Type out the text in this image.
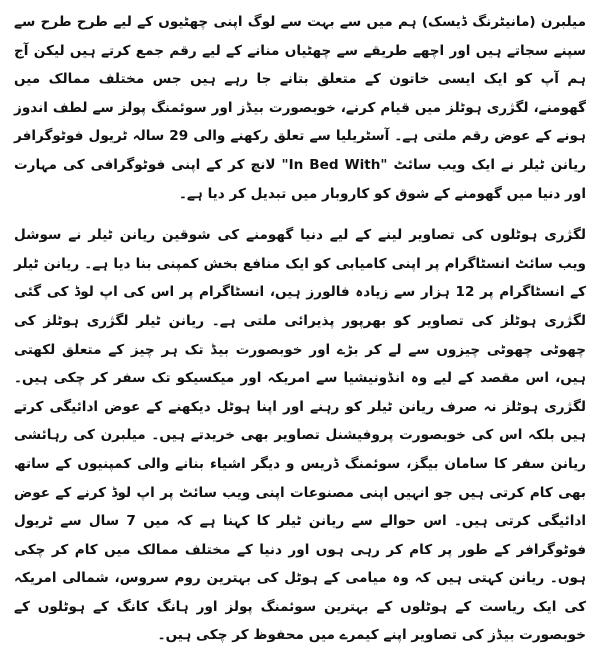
میلبرن (مانیٹرنگ ڈیسک) ہم میں سے بہت سے لوگ اپنی چھٹیوں کے لیے طرح طرح سے سپنے سجاتے ہیں اور اچھے طریقے سے چھٹیاں منانے کے لیے رقم جمع کرتے ہیں لیکن آج ہم آپ کو ایک ایسی خاتون کے متعلق بتانے جا رہے ہیں جس مختلف ممالک میں گھومنے، لگژری ہوٹلز میں قیام کرنے، خوبصورت بیڈز اور سوئمنگ پولز سے لطف اندوز ہونے کے عوض رقم ملتی ہے۔ آسٹریلیا سے تعلق رکھنے والی 29 سالہ ٹریول فوٹوگرافر ریانن ٹیلر نے ایک ویب سائٹ "In Bed With" لانچ کر کے اپنی فوٹوگرافی کی مہارت اور دنیا میں گھومنے کے شوق کو کاروبار میں تبدیل کر دیا ہے۔

لگژری ہوٹلوں کی تصاویر لینے کے لیے دنیا گھومنے کی شوقین ریانن ٹیلر نے سوشل ویب سائٹ انسٹاگرام پر اپنی کامیابی کو ایک منافع بخش کمپنی بنا دیا ہے۔ ریانن ٹیلر کے انسٹاگرام پر 12 ہزار سے زیادہ فالورز ہیں، انسٹاگرام پر اس کی اپ لوڈ کی گئی لگژری ہوٹلز کی تصاویر کو بھرپور پذیرائی ملتی ہے۔ ریانن ٹیلر لگژری ہوٹلز کی چھوٹی چھوٹی چیزوں سے لے کر بڑے اور خوبصورت بیڈ تک ہر چیز کے متعلق لکھتی ہیں، اس مقصد کے لیے وہ انڈونیشیا سے امریکہ اور میکسیکو تک سفر کر چکی ہیں۔ لگژری ہوٹلز نہ صرف ریانن ٹیلر کو رہنے اور اپنا ہوٹل دیکھنے کے عوض ادائیگی کرتے ہیں بلکہ اس کی خوبصورت پروفیشنل تصاویر بھی خریدتے ہیں۔ میلبرن کی رہائشی ریانن سفر کا سامان بیگز، سوئمنگ ڈریس و دیگر اشیاء بنانے والی کمپنیوں کے ساتھ بھی کام کرتی ہیں جو انہیں اپنی مصنوعات اپنی ویب سائٹ پر اپ لوڈ کرنے کے عوض ادائیگی کرتی ہیں۔ اس حوالے سے ریانن ٹیلر کا کہنا ہے کہ میں 7 سال سے ٹریول فوٹوگرافر کے طور پر کام کر رہی ہوں اور دنیا کے مختلف ممالک میں کام کر چکی ہوں۔ ریانن کہتی ہیں کہ وہ میامی کے ہوٹل کی بہترین روم سروس، شمالی امریکہ کی ایک ریاست کے ہوٹلوں کے بہترین سوئمنگ پولز اور ہانگ کانگ کے ہوٹلوں کے خوبصورت بیڈز کی تصاویر اپنے کیمرے میں محفوظ کر چکی ہیں۔
